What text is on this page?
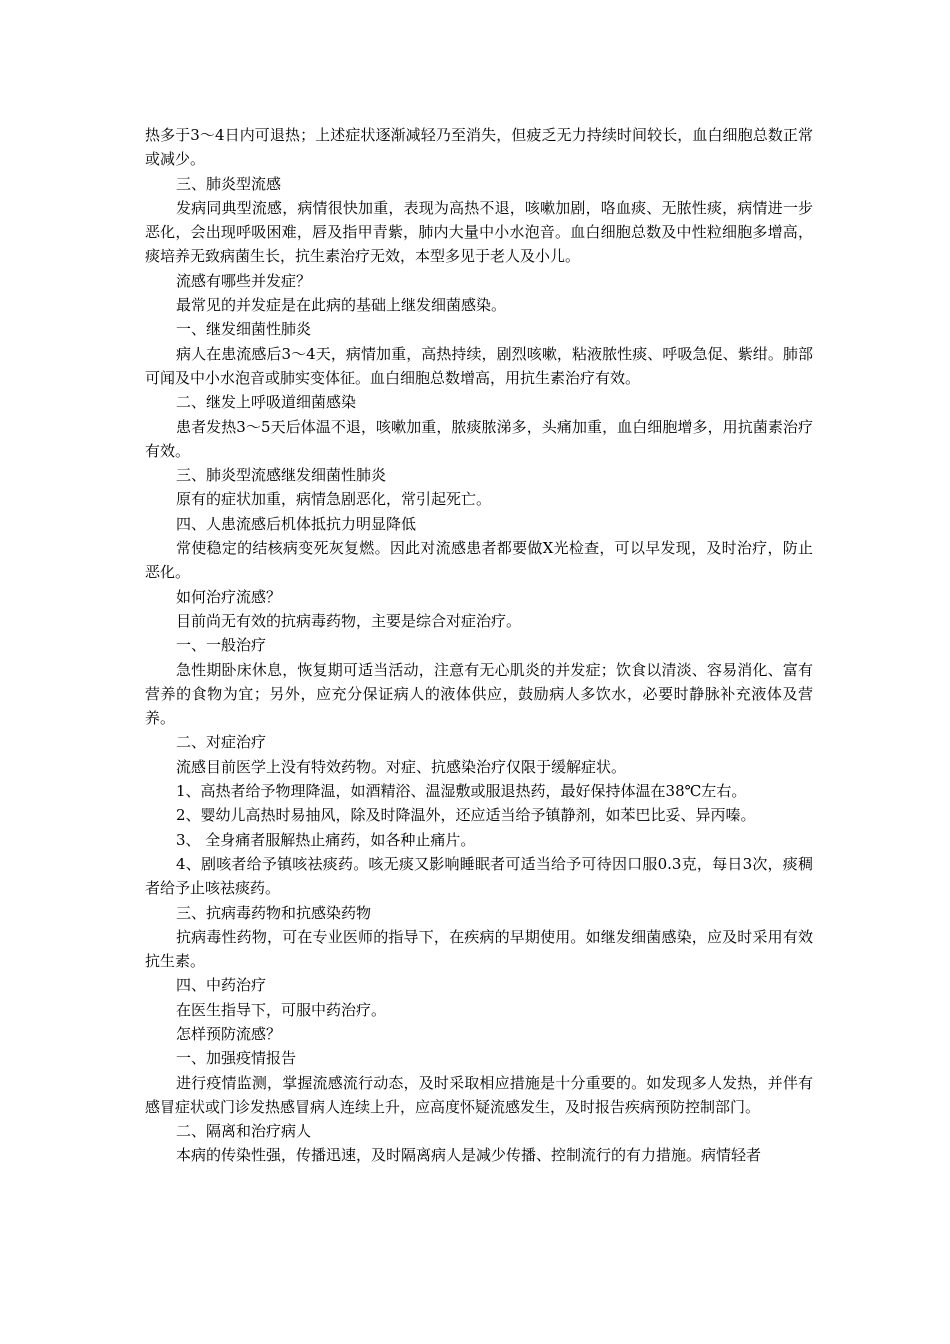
热多于3～4日内可退热；上述症状逐渐减轻乃至消失，但疲乏无力持续时间较长，血白细胞总数正常或减少。

三、肺炎型流感

发病同典型流感，病情很快加重，表现为高热不退，咳嗽加剧，咯血痰、无脓性痰，病情进一步恶化，会出现呼吸困难，唇及指甲青紫，肺内大量中小水泡音。血白细胞总数及中性粒细胞多增高，痰培养无致病菌生长，抗生素治疗无效，本型多见于老人及小儿。

流感有哪些并发症？

最常见的并发症是在此病的基础上继发细菌感染。

一、继发细菌性肺炎

病人在患流感后3～4天，病情加重，高热持续，剧烈咳嗽，粘液脓性痰、呼吸急促、紫绀。肺部可闻及中小水泡音或肺实变体征。血白细胞总数增高，用抗生素治疗有效。

二、继发上呼吸道细菌感染

患者发热3～5天后体温不退，咳嗽加重，脓痰脓涕多，头痛加重，血白细胞增多，用抗菌素治疗有效。

三、肺炎型流感继发细菌性肺炎

原有的症状加重，病情急剧恶化，常引起死亡。

四、人患流感后机体抵抗力明显降低

常使稳定的结核病变死灰复燃。因此对流感患者都要做X光检查，可以早发现，及时治疗，防止恶化。

如何治疗流感？

目前尚无有效的抗病毒药物，主要是综合对症治疗。

一、一般治疗

急性期卧床休息，恢复期可适当活动，注意有无心肌炎的并发症；饮食以清淡、容易消化、富有营养的食物为宜；另外，应充分保证病人的液体供应，鼓励病人多饮水，必要时静脉补充液体及营养。

二、对症治疗

流感目前医学上没有特效药物。对症、抗感染治疗仅限于缓解症状。

1、高热者给予物理降温，如酒精浴、温湿敷或服退热药，最好保持体温在38℃左右。

2、婴幼儿高热时易抽风，除及时降温外，还应适当给予镇静剂，如苯巴比妥、异丙嗪。

3、 全身痛者服解热止痛药，如各种止痛片。

4、剧咳者给予镇咳祛痰药。咳无痰又影响睡眠者可适当给予可待因口服0.3克，每日3次，痰稠者给予止咳祛痰药。

三、抗病毒药物和抗感染药物

抗病毒性药物，可在专业医师的指导下，在疾病的早期使用。如继发细菌感染，应及时采用有效抗生素。

四、中药治疗

在医生指导下，可服中药治疗。

怎样预防流感？

一、加强疫情报告

进行疫情监测，掌握流感流行动态，及时采取相应措施是十分重要的。如发现多人发热，并伴有感冒症状或门诊发热感冒病人连续上升，应高度怀疑流感发生，及时报告疾病预防控制部门。

二、隔离和治疗病人

本病的传染性强，传播迅速，及时隔离病人是减少传播、控制流行的有力措施。病情轻者
